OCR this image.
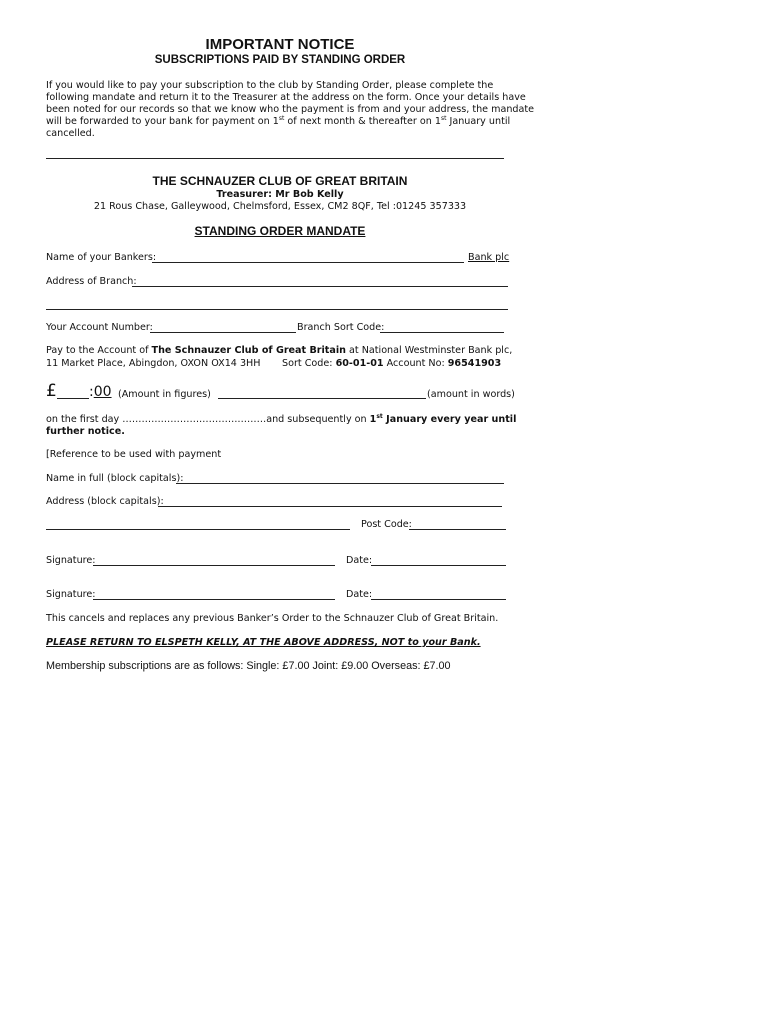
IMPORTANT NOTICE
SUBSCRIPTIONS PAID BY STANDING ORDER
If you would like to pay your subscription to the club by Standing Order, please complete the
following mandate and return it to the Treasurer at the address on the form. Once your details have
been noted for our records so that we know who the payment is from and your address, the mandate
will be forwarded to your bank for payment on 1st of next month & thereafter on 1st January until
cancelled.
THE SCHNAUZER CLUB OF GREAT BRITAIN
Treasurer: Mr Bob Kelly
21 Rous Chase, Galleywood, Chelmsford, Essex, CM2 8QF, Tel :01245 357333
STANDING ORDER MANDATE
Name of your Bankers:	Bank plc
Address of Branch:
Your Account Number:	Branch Sort Code:
Pay to the Account of The Schnauzer Club of Great Britain at National Westminster Bank plc,
11 Market Place, Abingdon, OXON OX14 3HH Sort Code: 60-01-01 Account No: 96541903
£ :00 (Amount in figures)	(amount in words)
on the first day ………………………………………and subsequently on 1st January every year until
further notice.
[Reference to be used with payment
Name in full (block capitals):
Address (block capitals):
Post Code:
Signature:	Date:
Signature:	Date:
This cancels and replaces any previous Banker’s Order to the Schnauzer Club of Great Britain.
PLEASE RETURN TO ELSPETH KELLY, AT THE ABOVE ADDRESS, NOT to your Bank.
Membership subscriptions are as follows: Single: £7.00 Joint: £9.00 Overseas: £7.00
